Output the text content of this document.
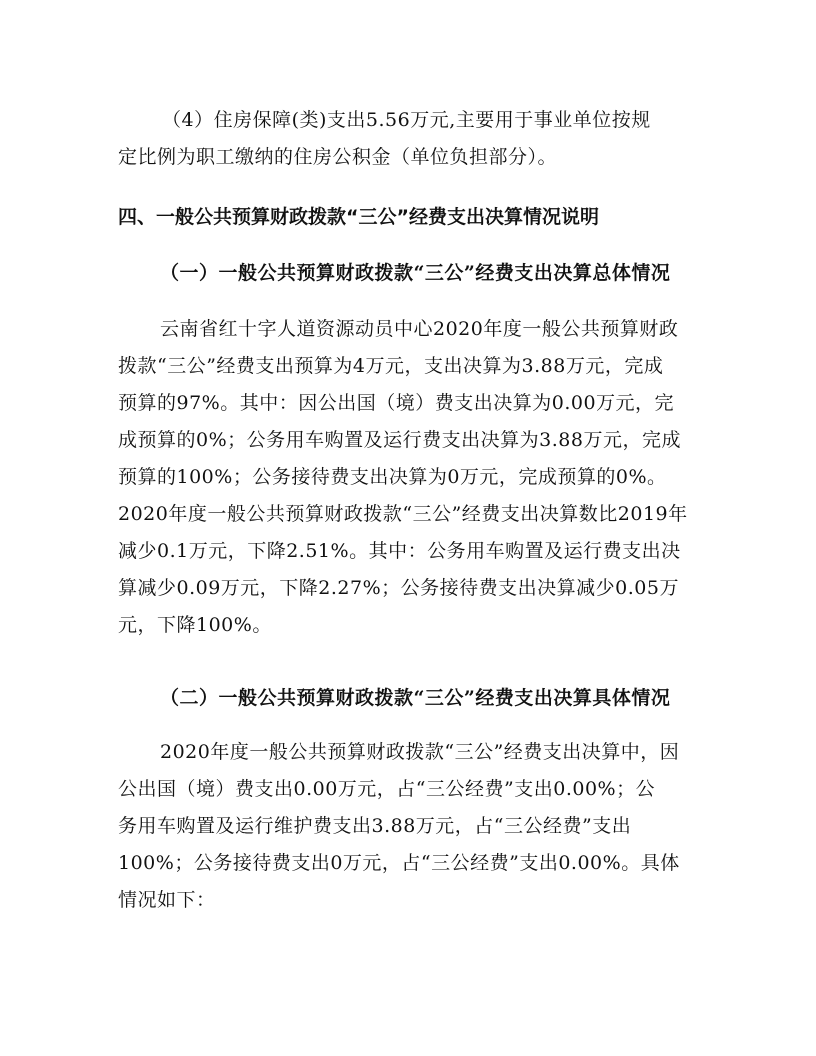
（4）住房保障(类)支出5.56万元,主要用于事业单位按规
定比例为职工缴纳的住房公积金（单位负担部分）。

四、一般公共预算财政拨款“三公”经费支出决算情况说明
（一）一般公共预算财政拨款“三公”经费支出决算总体情况

云南省红十字人道资源动员中心2020年度一般公共预算财政
拨款“三公”经费支出预算为4万元，支出决算为3.88万元，完成
预算的97%。其中：因公出国（境）费支出决算为0.00万元，完
成预算的0%；公务用车购置及运行费支出决算为3.88万元，完成
预算的100%；公务接待费支出决算为0万元，完成预算的0%。
2020年度一般公共预算财政拨款“三公”经费支出决算数比2019年
减少0.1万元，下降2.51%。其中：公务用车购置及运行费支出决
算减少0.09万元，下降2.27%；公务接待费支出决算减少0.05万
元，下降100%。

（二）一般公共预算财政拨款“三公”经费支出决算具体情况

2020年度一般公共预算财政拨款“三公”经费支出决算中，因
公出国（境）费支出0.00万元，占“三公经费”支出0.00%；公
务用车购置及运行维护费支出3.88万元，占“三公经费”支出
100%；公务接待费支出0万元，占“三公经费”支出0.00%。具体
情况如下：
